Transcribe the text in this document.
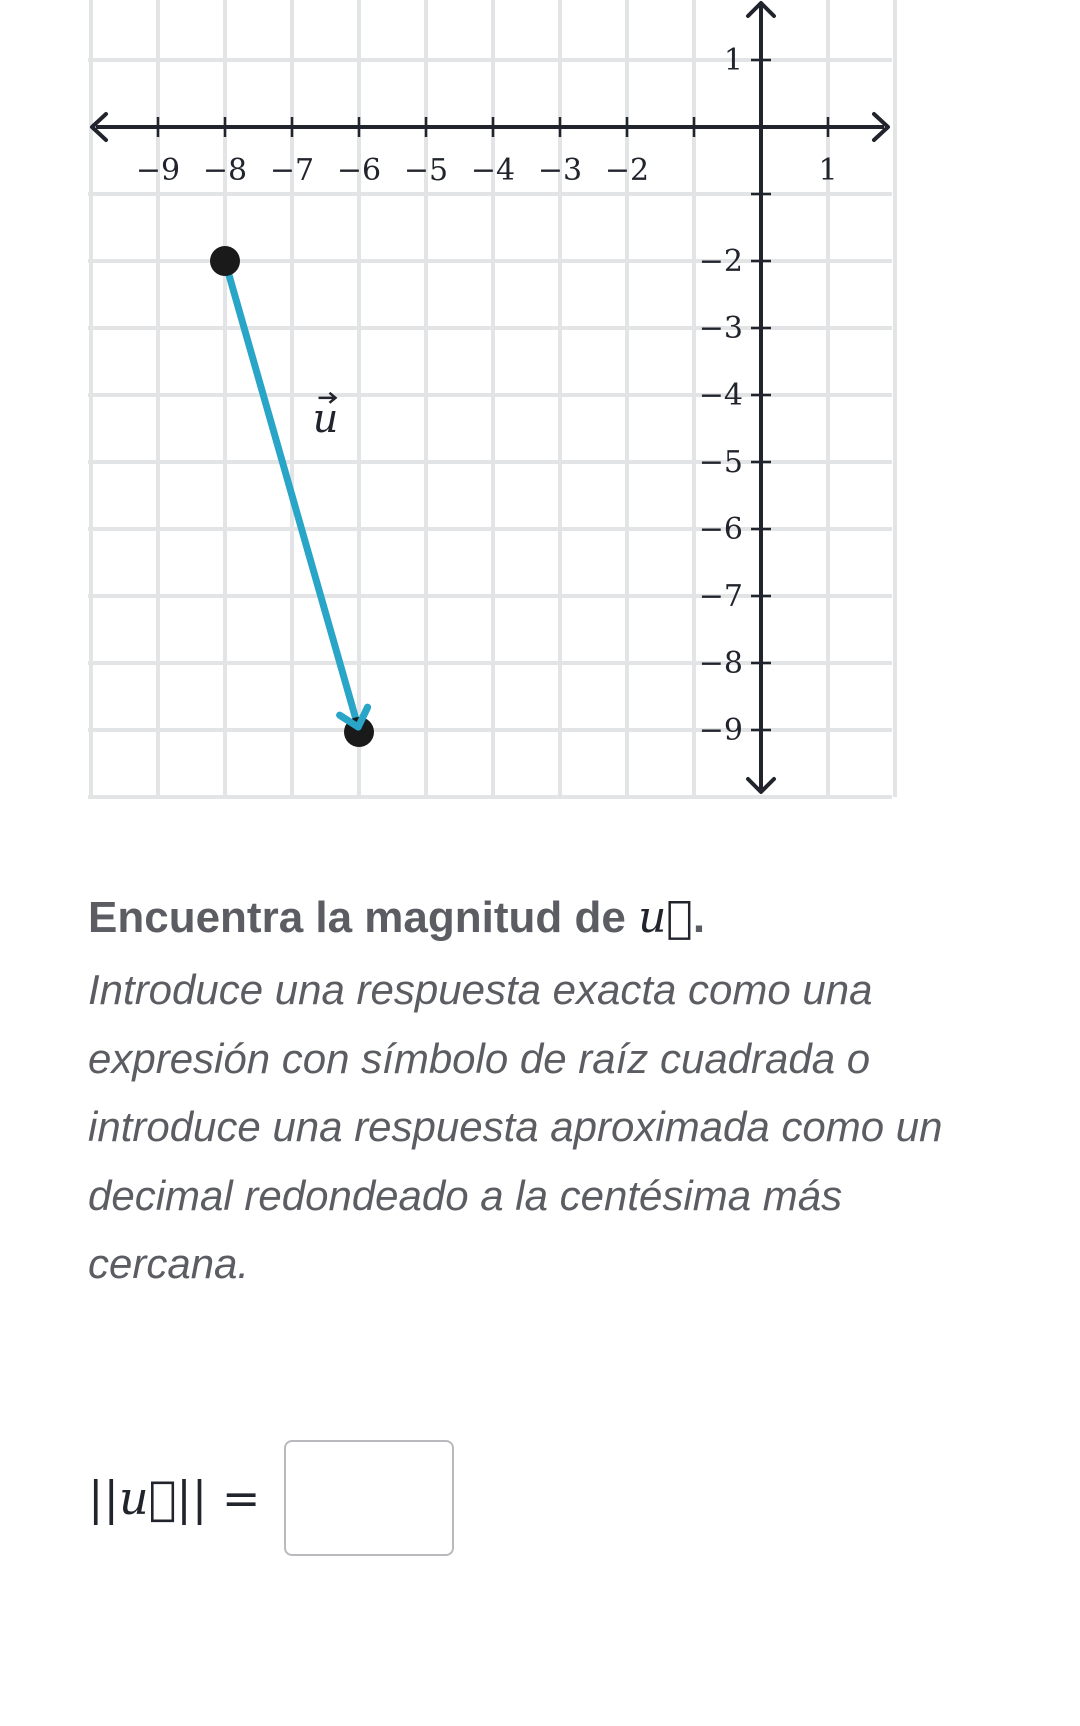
−9 −8 −7 −6 −5 −4 −3 −2	1
1
−2
−3
−4
−5
−6
−7
−8
−9
u

Encuentra la magnitud de u⃗.

Introduce una respuesta exacta como una expresión con símbolo de raíz cuadrada o introduce una respuesta aproximada como un decimal redondeado a la centésima más cercana.

||u⃗|| =
